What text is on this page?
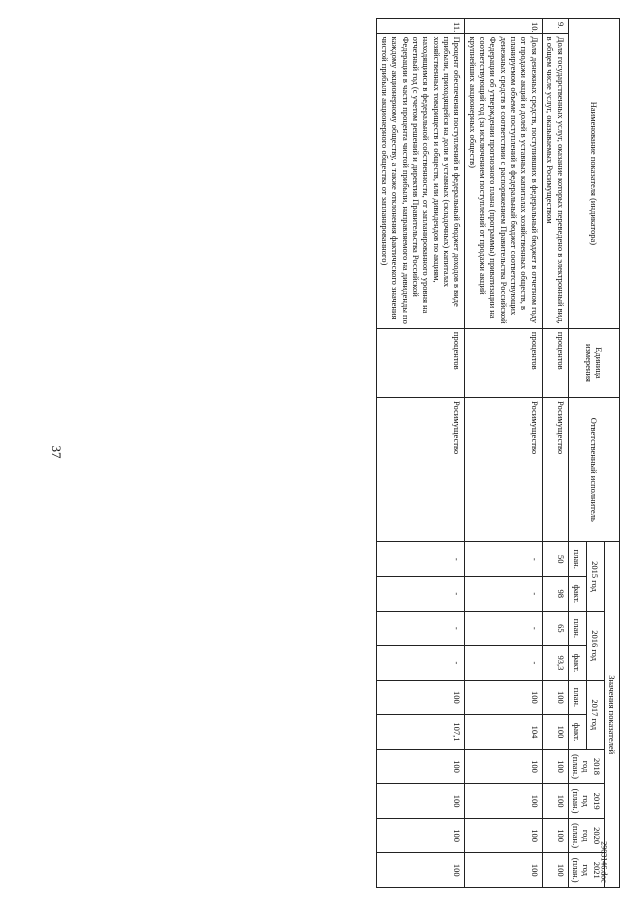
37
2903146.doc
Наименование показателя (индикатора)		Единица измерения	Ответственный исполнитель	Значения показателей									
				2015 год		2016 год		2017 год		2018 год (план.)	2019 год (план.)	2020 год (план.)	2021 год (план.)
				план.	факт.	план.	факт.	план.	факт.				
9.	Доля государственных услуг, оказание которых переведено в электронный вид, в общем числе услуг, оказываемых Росимуществом	процентов	Росимущество	50	98	65	93,3	100	100	100	100	100	100
10.	Доля денежных средств, поступивших в федеральный бюджет в отчетном году от продажи акций и долей в уставных капиталах хозяйственных обществ, в планируемом объеме поступлений в федеральный бюджет соответствующих денежных средств в соответствии с распоряжением Правительства Российской Федерации об утверждении прогнозного плана (программы) приватизации на соответствующий год (за исключением поступлений от продажи акций крупнейших акционерных обществ)	процентов	Росимущество	-	-	-	-	100	104	100	100	100	100
11.	Процент обеспечения поступлений в федеральный бюджет доходов в виде прибыли, приходящейся на доли в уставных (складочных) капиталах хозяйственных товариществ и обществ, или дивидендов по акциям, находящимся в федеральной собственности, от запланированного уровня на отчетный год (с учетом решений и директив Правительства Российской Федерации в части процента чистой прибыли, направляемого на дивиденды по каждому акционерному обществу, а также отклонения фактического значения чистой прибыли акционерного общества от запланированного)	процентов	Росимущество	-	-	-	-	100	107,1	100	100	100	100
